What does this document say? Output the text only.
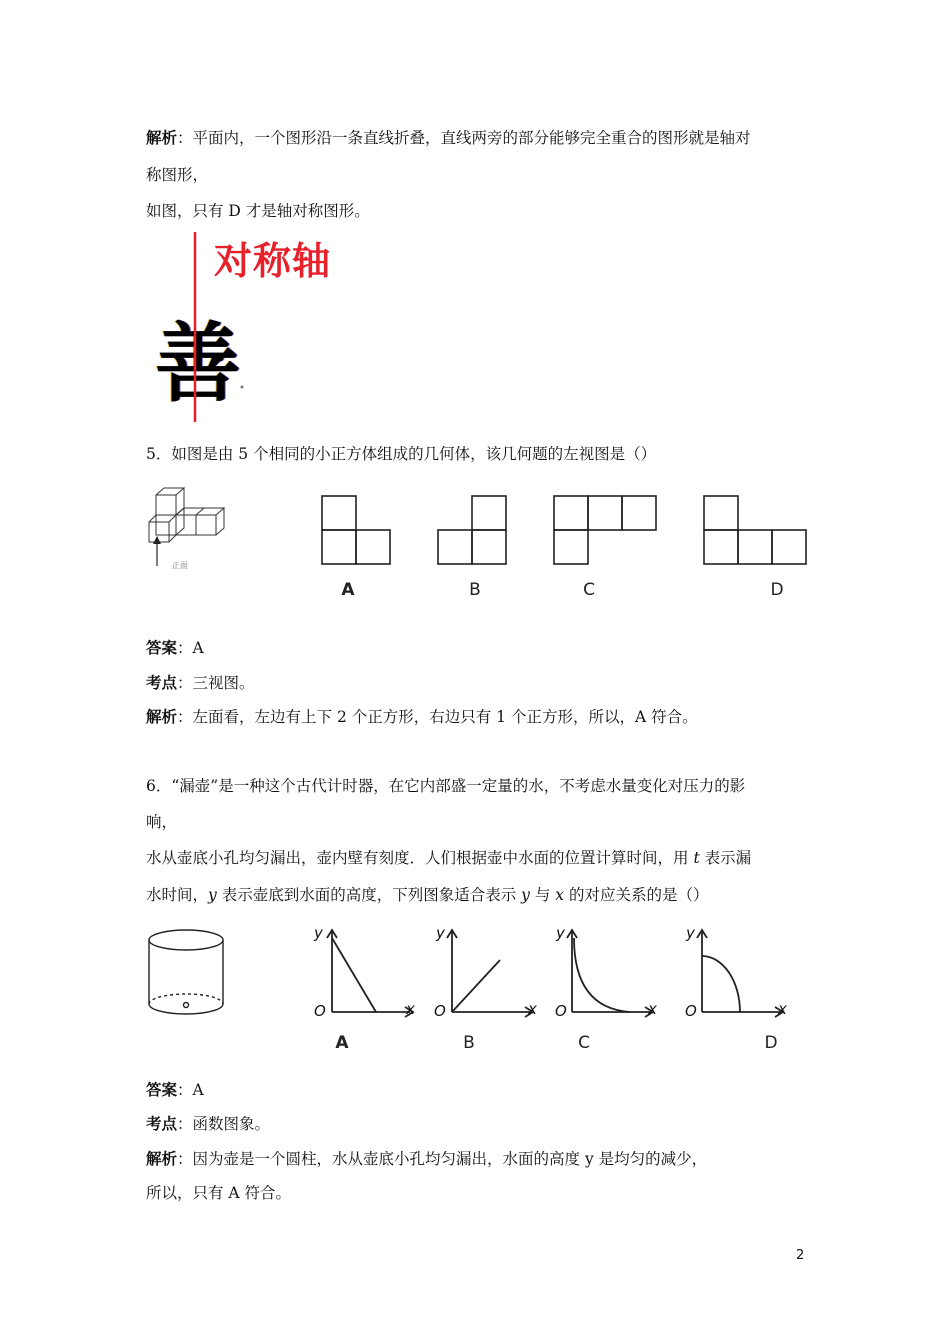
解析：平面内，一个图形沿一条直线折叠，直线两旁的部分能够完全重合的图形就是轴对
称图形，
如图，只有 D 才是轴对称图形。
对称轴
善
5．如图是由 5 个相同的小正方体组成的几何体，该几何题的左视图是（）
正面
A	B	C	D
答案：A
考点：三视图。
解析：左面看，左边有上下 2 个正方形，右边只有 1 个正方形，所以，A 符合。
6．“漏壶”是一种这个古代计时器，在它内部盛一定量的水，不考虑水量变化对压力的影
响，
水从壶底小孔均匀漏出，壶内壁有刻度．人们根据壶中水面的位置计算时间，用 t 表示漏
水时间，y 表示壶底到水面的高度，下列图象适合表示 y 与 x 的对应关系的是（）
y
x
O
y
x
O
y
x
O
y
x
O
A	B	C	D
答案：A
考点：函数图象。
解析：因为壶是一个圆柱，水从壶底小孔均匀漏出，水面的高度 y 是均匀的减少，
所以，只有 A 符合。
2
